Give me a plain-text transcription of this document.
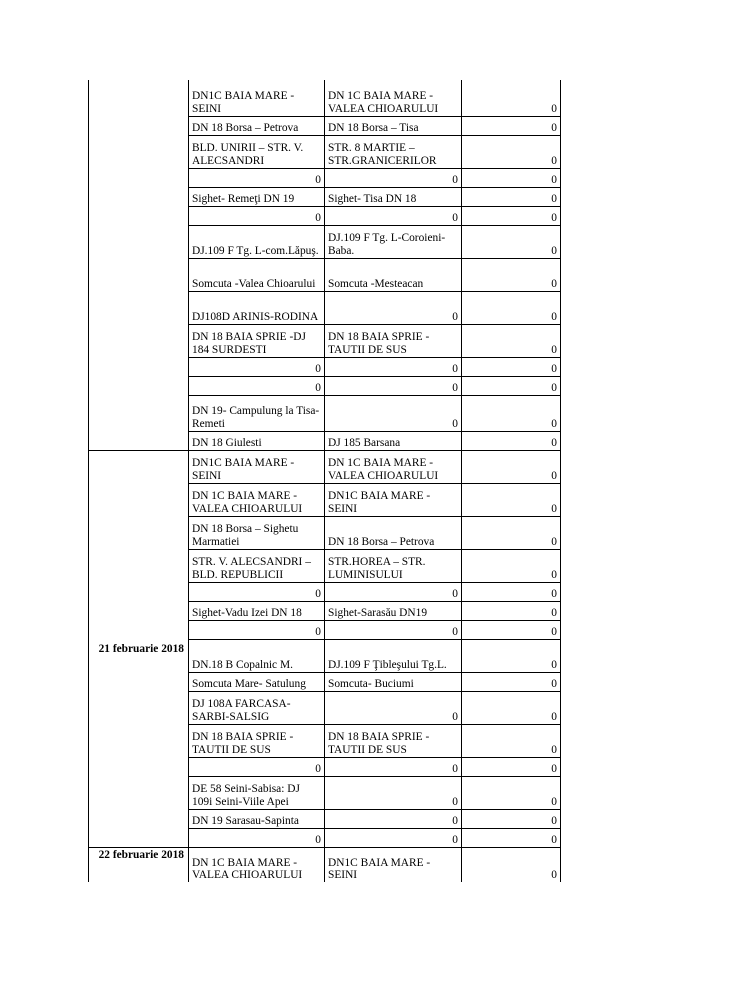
	DN1C BAIA MARE - SEINI	DN 1C BAIA MARE - VALEA CHIOARULUI	0
	DN 18 Borsa – Petrova	DN 18 Borsa – Tisa	0
	BLD. UNIRII – STR. V. ALECSANDRI	STR. 8 MARTIE – STR.GRANICERILOR	0
	0	0	0
	Sighet- Remeţi DN 19	Sighet- Tisa DN 18	0
	0	0	0
	DJ.109 F Tg. L-com.Lăpuş.	DJ.109 F Tg. L-Coroieni-Baba.	0
	Somcuta -Valea Chioarului	Somcuta -Mesteacan	0
	DJ108D ARINIS-RODINA	0	0
	DN 18 BAIA SPRIE -DJ 184 SURDESTI	DN 18 BAIA SPRIE - TAUTII DE SUS	0
	0	0	0
	0	0	0
	DN 19- Campulung la Tisa-Remeti	0	0
	DN 18 Giulesti	DJ 185 Barsana	0
21 februarie 2018	DN1C BAIA MARE - SEINI	DN 1C BAIA MARE - VALEA CHIOARULUI	0
	DN 1C BAIA MARE - VALEA CHIOARULUI	DN1C BAIA MARE - SEINI	0
	DN 18 Borsa – Sighetu Marmatiei	DN 18 Borsa – Petrova	0
	STR. V. ALECSANDRI – BLD. REPUBLICII	STR.HOREA – STR. LUMINISULUI	0
	0	0	0
	Sighet-Vadu Izei DN 18	Sighet-Sarasău DN19	0
	0	0	0
	DN.18 B Copalnic M.	DJ.109 F Ţibleşului Tg.L.	0
	Somcuta Mare- Satulung	Somcuta- Buciumi	0
	DJ 108A FARCASA-SARBI-SALSIG	0	0
	DN 18 BAIA SPRIE - TAUTII DE SUS	DN 18 BAIA SPRIE - TAUTII DE SUS	0
	0	0	0
	DE 58 Seini-Sabisa: DJ 109i Seini-Viile Apei	0	0
	DN 19 Sarasau-Sapinta	0	0
	0	0	0
22 februarie 2018	DN 1C BAIA MARE - VALEA CHIOARULUI	DN1C BAIA MARE - SEINI	0
